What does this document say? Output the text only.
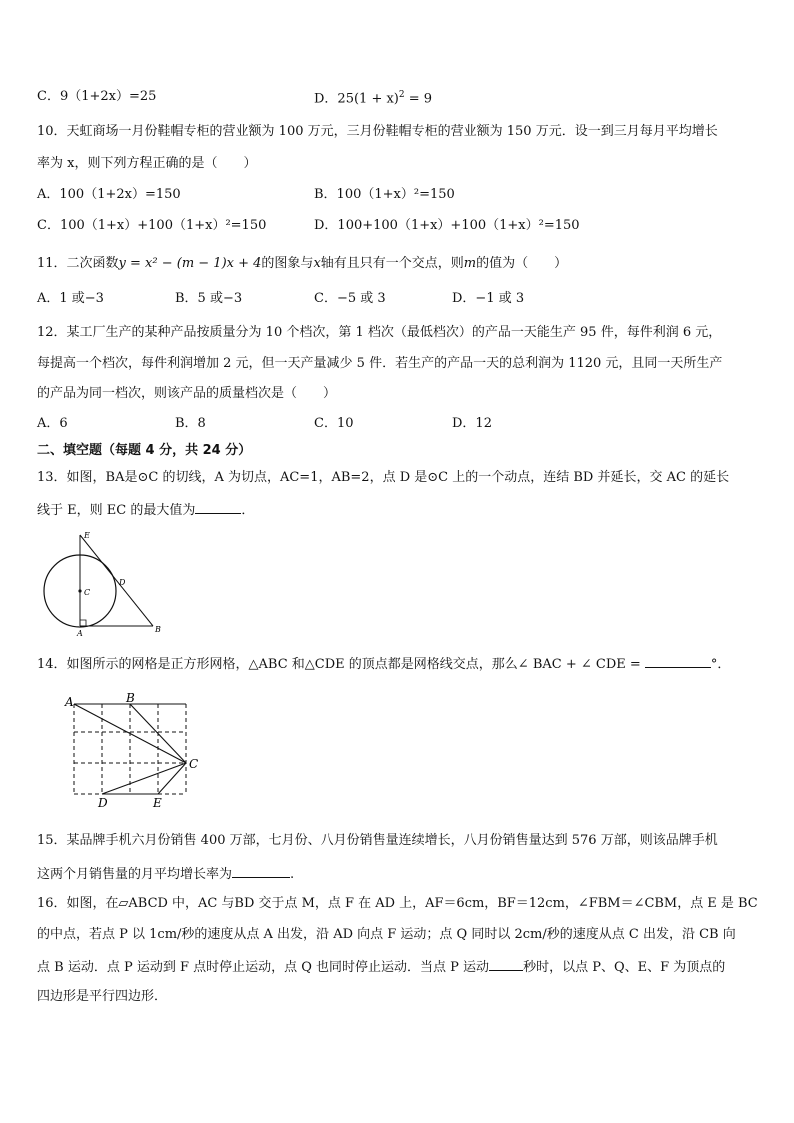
C．9（1+2x）=25	D．$25(1 + x)^2 = 9$
10．天虹商场一月份鞋帽专柜的营业额为 100 万元，三月份鞋帽专柜的营业额为 150 万元．设一到三月每月平均增长
率为 x，则下列方程正确的是（　　）
A．100（1+2x）=150	B．100（1+x）²=150
C．100（1+x）+100（1+x）²=150	D．100+100（1+x）+100（1+x）²=150
11．二次函数y = x² − (m − 1)x + 4的图象与x轴有且只有一个交点，则m的值为（　　）
A．1 或−3	B．5 或−3	C．−5 或 3	D．−1 或 3
12．某工厂生产的某种产品按质量分为 10 个档次，第 1 档次（最低档次）的产品一天能生产 95 件，每件利润 6 元，
每提高一个档次，每件利润增加 2 元，但一天产量减少 5 件．若生产的产品一天的总利润为 1120 元，且同一天所生产
的产品为同一档次，则该产品的质量档次是（　　）
A．6	B．8	C．10	D．12
二、填空题（每题 4 分，共 24 分）
13．如图，BA是⊙C 的切线，A 为切点，AC=1，AB=2，点 D 是⊙C 上的一个动点，连结 BD 并延长，交 AC 的延长
线于 E，则 EC 的最大值为	．
E
D
C
A	B
14．如图所示的网格是正方形网格，△ABC 和△CDE 的顶点都是网格线交点，那么∠ BAC + ∠ CDE =	°．
A	B
C
D	E
15．某品牌手机六月份销售 400 万部，七月份、八月份销售量连续增长，八月份销售量达到 576 万部，则该品牌手机
这两个月销售量的月平均增长率为	.
16．如图，在▱ABCD 中，AC 与BD 交于点 M，点 F 在 AD 上，AF＝6cm，BF＝12cm，∠FBM＝∠CBM，点 E 是 BC
的中点，若点 P 以 1cm/秒的速度从点 A 出发，沿 AD 向点 F 运动；点 Q 同时以 2cm/秒的速度从点 C 出发，沿 CB 向
点 B 运动．点 P 运动到 F 点时停止运动，点 Q 也同时停止运动．当点 P 运动	秒时，以点 P、Q、E、F 为顶点的
四边形是平行四边形．
